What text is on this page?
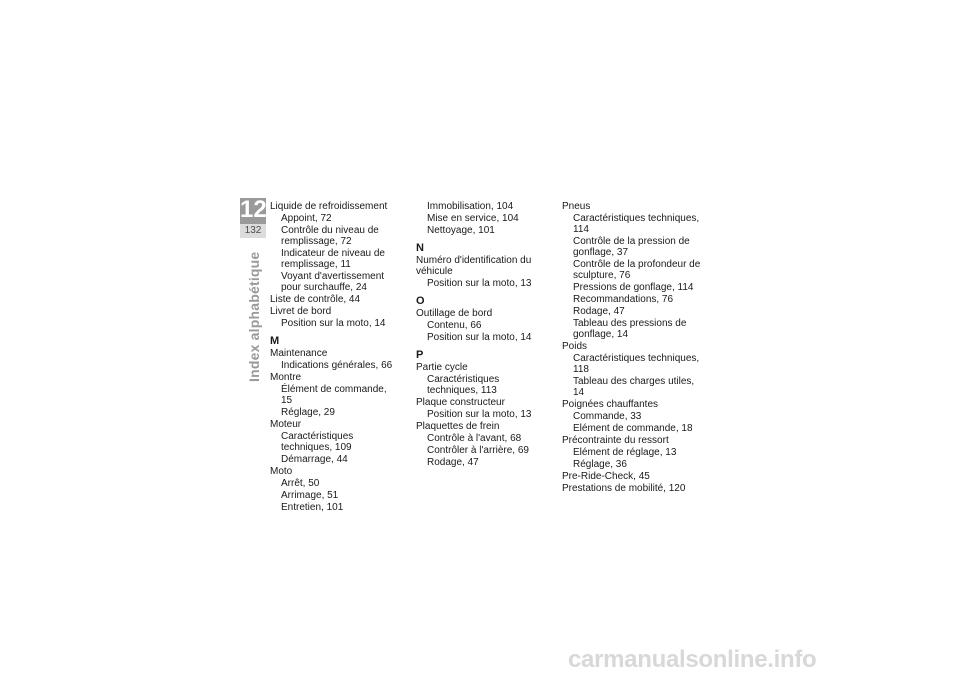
12
132
Index alphabétique
Liquide de refroidissement
Appoint, 72
Contrôle du niveau de remplissage, 72
Indicateur de niveau de remplissage, 11
Voyant d'avertissement pour surchauffe, 24
Liste de contrôle, 44
Livret de bord
Position sur la moto, 14
M
Maintenance
Indications générales, 66
Montre
Élément de commande, 15
Réglage, 29
Moteur
Caractéristiques techniques, 109
Démarrage, 44
Moto
Arrêt, 50
Arrimage, 51
Entretien, 101
Immobilisation, 104
Mise en service, 104
Nettoyage, 101
N
Numéro d'identification du véhicule
Position sur la moto, 13
O
Outillage de bord
Contenu, 66
Position sur la moto, 14
P
Partie cycle
Caractéristiques techniques, 113
Plaque constructeur
Position sur la moto, 13
Plaquettes de frein
Contrôle à l'avant, 68
Contrôler à l'arrière, 69
Rodage, 47
Pneus
Caractéristiques techniques, 114
Contrôle de la pression de gonflage, 37
Contrôle de la profondeur de sculpture, 76
Pressions de gonflage, 114
Recommandations, 76
Rodage, 47
Tableau des pressions de gonflage, 14
Poids
Caractéristiques techniques, 118
Tableau des charges utiles, 14
Poignées chauffantes
Commande, 33
Elément de commande, 18
Précontrainte du ressort
Elément de réglage, 13
Réglage, 36
Pre-Ride-Check, 45
Prestations de mobilité, 120
carmanualsonline.info
